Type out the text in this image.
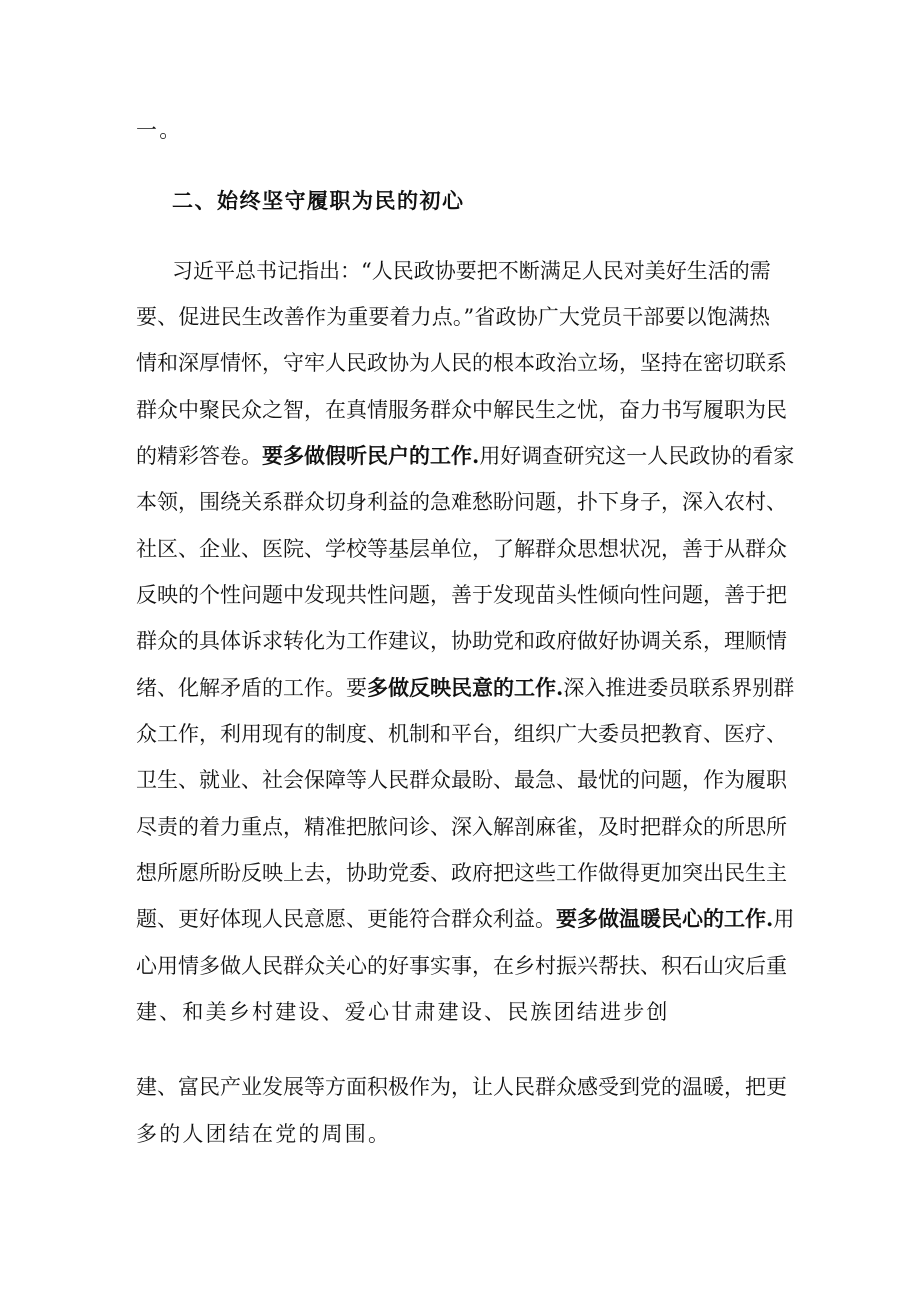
一。
二、始终坚守履职为民的初心
习近平总书记指出：“人民政协要把不断满足人民对美好生活的需
要、促进民生改善作为重要着力点。”省政协广大党员干部要以饱满热
情和深厚情怀，守牢人民政协为人民的根本政治立场，坚持在密切联系
群众中聚民众之智，在真情服务群众中解民生之忧，奋力书写履职为民
的精彩答卷。要多做假听民户的工作.用好调查研究这一人民政协的看家
本领，围绕关系群众切身利益的急难愁盼问题，扑下身子，深入农村、
社区、企业、医院、学校等基层单位，了解群众思想状况，善于从群众
反映的个性问题中发现共性问题，善于发现苗头性倾向性问题，善于把
群众的具体诉求转化为工作建议，协助党和政府做好协调关系，理顺情
绪、化解矛盾的工作。要多做反映民意的工作.深入推进委员联系界别群
众工作，利用现有的制度、机制和平台，组织广大委员把教育、医疗、
卫生、就业、社会保障等人民群众最盼、最急、最忧的问题，作为履职
尽责的着力重点，精准把脓问诊、深入解剖麻雀，及时把群众的所思所
想所愿所盼反映上去，协助党委、政府把这些工作做得更加突出民生主
题、更好体现人民意愿、更能符合群众利益。要多做温暖民心的工作.用
心用情多做人民群众关心的好事实事，在乡村振兴帮扶、积石山灾后重
建、和美乡村建设、爱心甘肃建设、民族团结进步创
建、富民产业发展等方面积极作为，让人民群众感受到党的温暖，把更
多的人团结在党的周围。
